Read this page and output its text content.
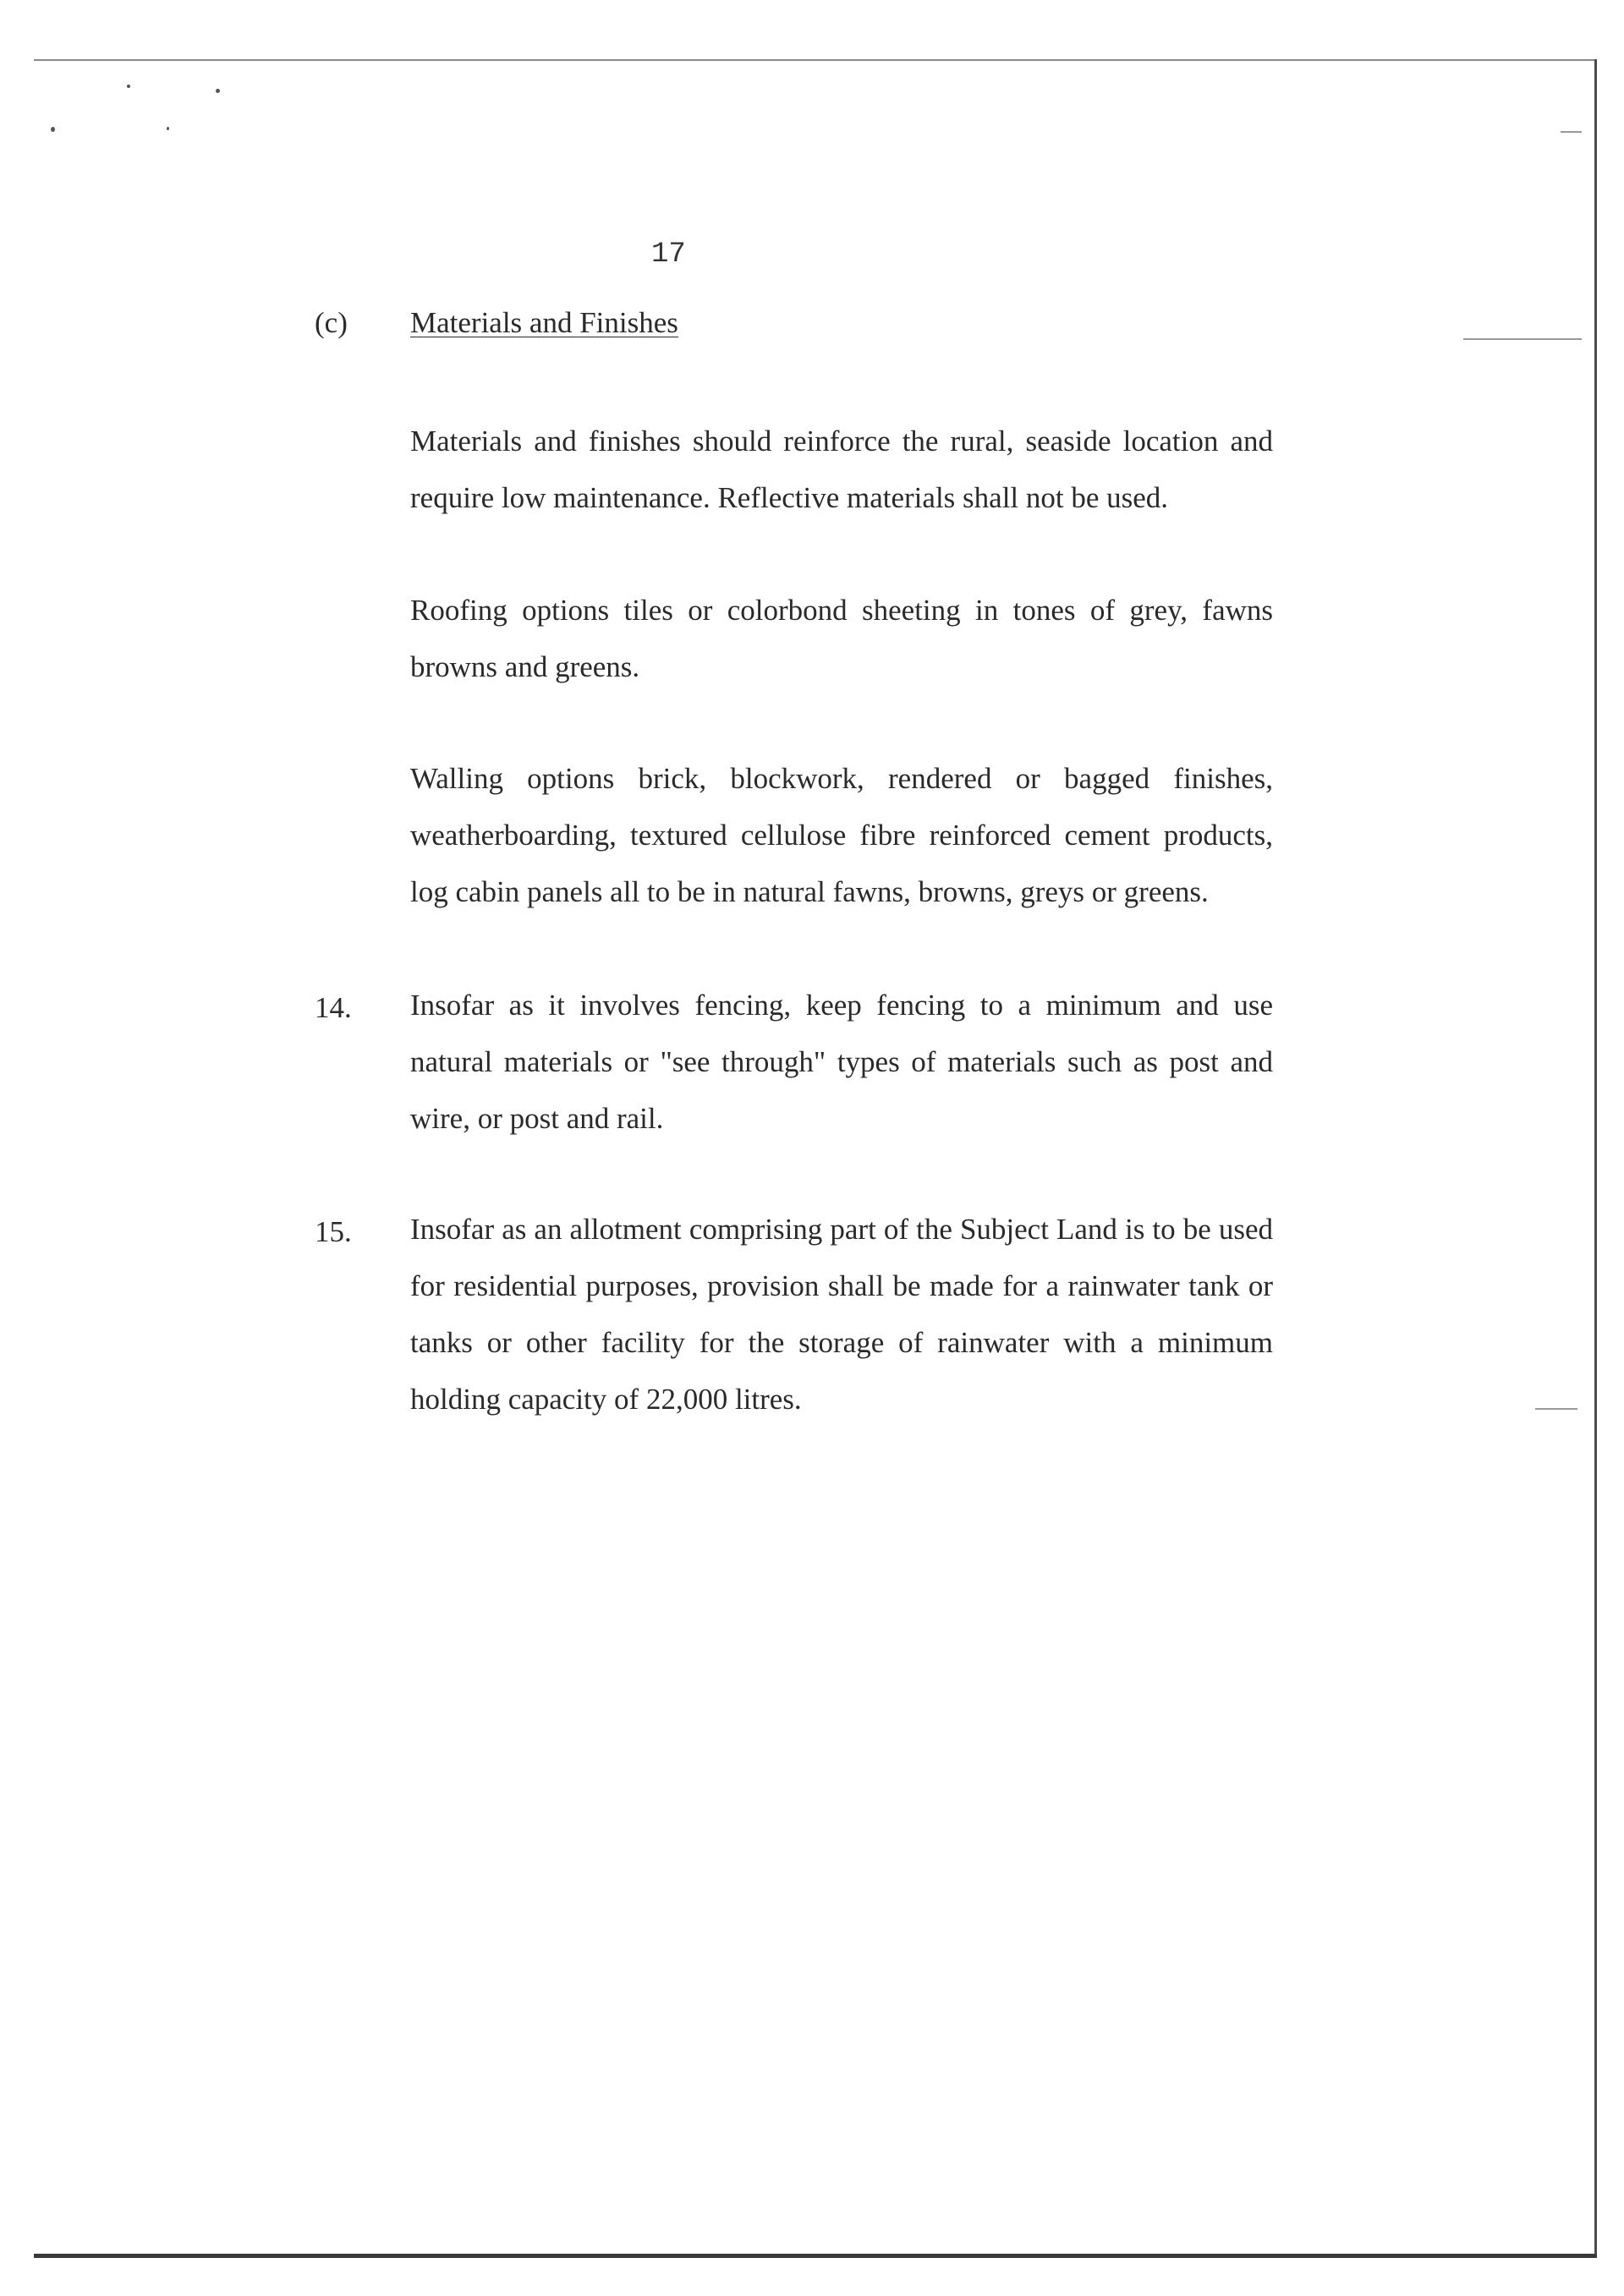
17
(c) Materials and Finishes

Materials and finishes should reinforce the rural, seaside location and require low maintenance. Reflective materials shall not be used.

Roofing options tiles or colorbond sheeting in tones of grey, fawns browns and greens.

Walling options brick, blockwork, rendered or bagged finishes, weatherboarding, textured cellulose fibre reinforced cement products, log cabin panels all to be in natural fawns, browns, greys or greens.

14. Insofar as it involves fencing, keep fencing to a minimum and use natural materials or "see through" types of materials such as post and wire, or post and rail.

15. Insofar as an allotment comprising part of the Subject Land is to be used for residential purposes, provision shall be made for a rainwater tank or tanks or other facility for the storage of rainwater with a minimum holding capacity of 22,000 litres.
